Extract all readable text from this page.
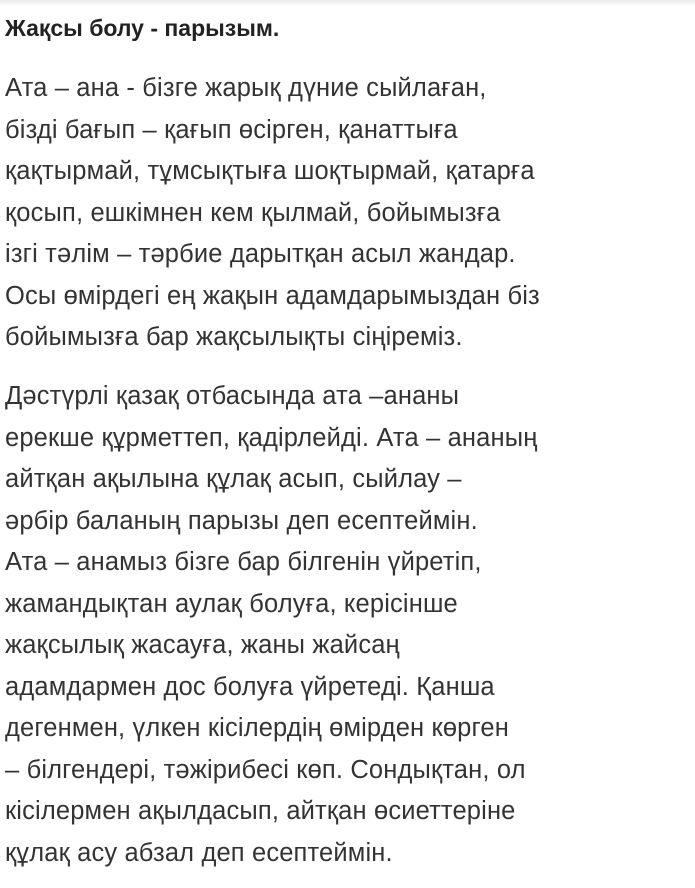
Жақсы болу - парызым.
Ата – ана - бізге жарық дүние сыйлаған,
бізді бағып – қағып өсірген, қанаттыға
қақтырмай, тұмсықтыға шоқтырмай, қатарға
қосып, ешкімнен кем қылмай, бойымызға
ізгі тәлім – тәрбие дарытқан асыл жандар.
Осы өмірдегі ең жақын адамдарымыздан біз
бойымызға бар жақсылықты сіңіреміз.
Дәстүрлі қазақ отбасында ата –ананы
ерекше құрметтеп, қадірлейді. Ата – ананың
айтқан ақылына құлақ асып, сыйлау –
әрбір баланың парызы деп есептеймін.
Ата – анамыз бізге бар білгенін үйретіп,
жамандықтан аулақ болуға, керісінше
жақсылық жасауға, жаны жайсаң
адамдармен дос болуға үйретеді. Қанша
дегенмен, үлкен кісілердің өмірден көрген
– білгендері, тәжірибесі көп. Сондықтан, ол
кісілермен ақылдасып, айтқан өсиеттеріне
құлақ асу абзал деп есептеймін.
